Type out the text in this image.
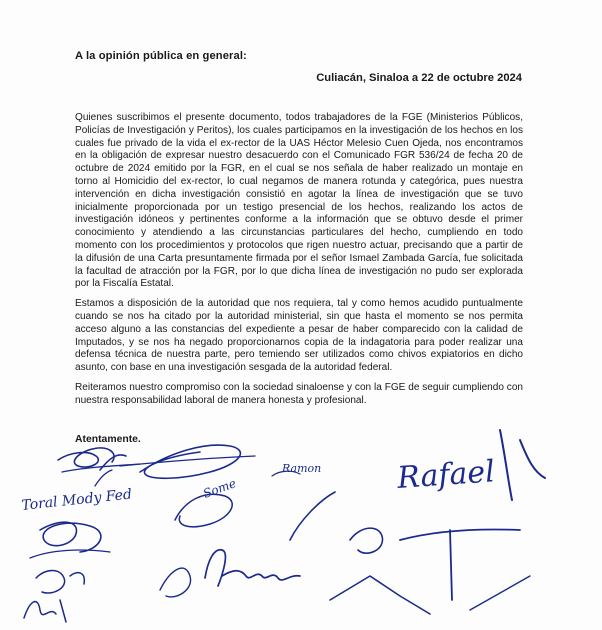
A la opinión pública en general:
Culiacán, Sinaloa a 22 de octubre 2024

Quienes suscribimos el presente documento, todos trabajadores de la FGE (Ministerios Públicos, Policías de Investigación y Peritos), los cuales participamos en la investigación de los hechos en los cuales fue privado de la vida el ex-rector de la UAS Héctor Melesio Cuen Ojeda, nos encontramos en la obligación de expresar nuestro desacuerdo con el Comunicado FGR 536/24 de fecha 20 de octubre de 2024 emitido por la FGR, en el cual se nos señala de haber realizado un montaje en torno al Homicidio del ex-rector, lo cual negamos de manera rotunda y categórica, pues nuestra intervención en dicha investigación consistió en agotar la línea de investigación que se tuvo inicialmente proporcionada por un testigo presencial de los hechos, realizando los actos de investigación idóneos y pertinentes conforme a la información que se obtuvo desde el primer conocimiento y atendiendo a las circunstancias particulares del hecho, cumpliendo en todo momento con los procedimientos y protocolos que rigen nuestro actuar, precisando que a partir de la difusión de una Carta presuntamente firmada por el señor Ismael Zambada García, fue solicitada la facultad de atracción por la FGR, por lo que dicha línea de investigación no pudo ser explorada por la Fiscalía Estatal.

Estamos a disposición de la autoridad que nos requiera, tal y como hemos acudido puntualmente cuando se nos ha citado por la autoridad ministerial, sin que hasta el momento se nos permita acceso alguno a las constancias del expediente a pesar de haber comparecido con la calidad de Imputados, y se nos ha negado proporcionarnos copia de la indagatoria para poder realizar una defensa técnica de nuestra parte, pero temiendo ser utilizados como chivos expiatorios en dicho asunto, con base en una investigación sesgada de la autoridad federal.

Reiteramos nuestro compromiso con la sociedad sinaloense y con la FGE de seguir cumpliendo con nuestra responsabilidad laboral de manera honesta y profesional.

Atentamente.
Toral Mody Fed	Some
Ramon Rafael
